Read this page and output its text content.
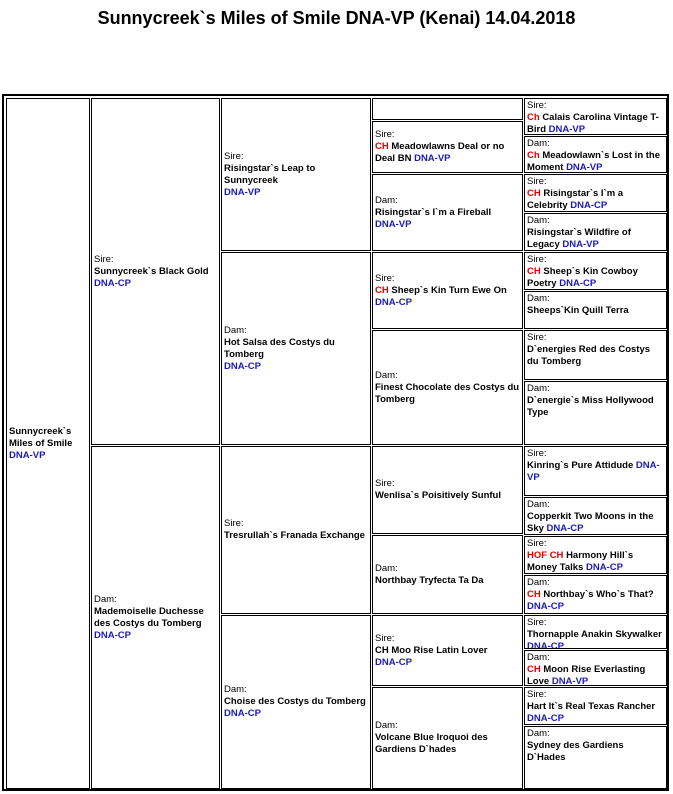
Sunnycreek`s Miles of Smile DNA-VP (Kenai) 14.04.2018
Sunnycreek`s Miles of Smile
DNA-VP
Sire:
Sunnycreek`s Black Gold
DNA-CP
Dam:
Mademoiselle Duchesse des Costys du Tomberg
DNA-CP
Sire:
Risingstar`s Leap to Sunnycreek
DNA-VP
Dam:
Hot Salsa des Costys du Tomberg
DNA-CP
Sire:
Tresrullah`s Franada Exchange
Dam:
Choise des Costys du Tomberg
DNA-CP
Sire:
CH Meadowlawns Deal or no Deal BN DNA-VP
Dam:
Risingstar`s I`m a Fireball
DNA-VP
Sire:
CH Sheep`s Kin Turn Ewe On
DNA-CP
Dam:
Finest Chocolate des Costys du Tomberg
Sire:
Wenlisa`s Poisitively Sunful
Dam:
Northbay Tryfecta Ta Da
Sire:
CH Moo Rise Latin Lover
DNA-CP
Dam:
Volcane Blue Iroquoi des Gardiens D`hades
Sire:
Ch Calais Carolina Vintage T-Bird DNA-VP
Dam:
Ch Meadowlawn`s Lost in the Moment DNA-VP
Sire:
CH Risingstar`s I`m a Celebrity DNA-CP
Dam:
Risingstar`s Wildfire of Legacy DNA-VP
Sire:
CH Sheep`s Kin Cowboy Poetry DNA-CP
Dam:
Sheeps`Kin Quill Terra
Sire:
D`energies Red des Costys du Tomberg
Dam:
D`energie`s Miss Hollywood Type
Sire:
Kinring`s Pure Attidude DNA-VP
Dam:
Copperkit Two Moons in the Sky DNA-CP
Sire:
HOF CH Harmony Hill`s Money Talks DNA-CP
Dam:
CH Northbay`s Who`s That? DNA-CP
Sire:
Thornapple Anakin Skywalker DNA-CP
Dam:
CH Moon Rise Everlasting Love DNA-VP
Sire:
Hart It`s Real Texas Rancher DNA-CP
Dam:
Sydney des Gardiens D`Hades
